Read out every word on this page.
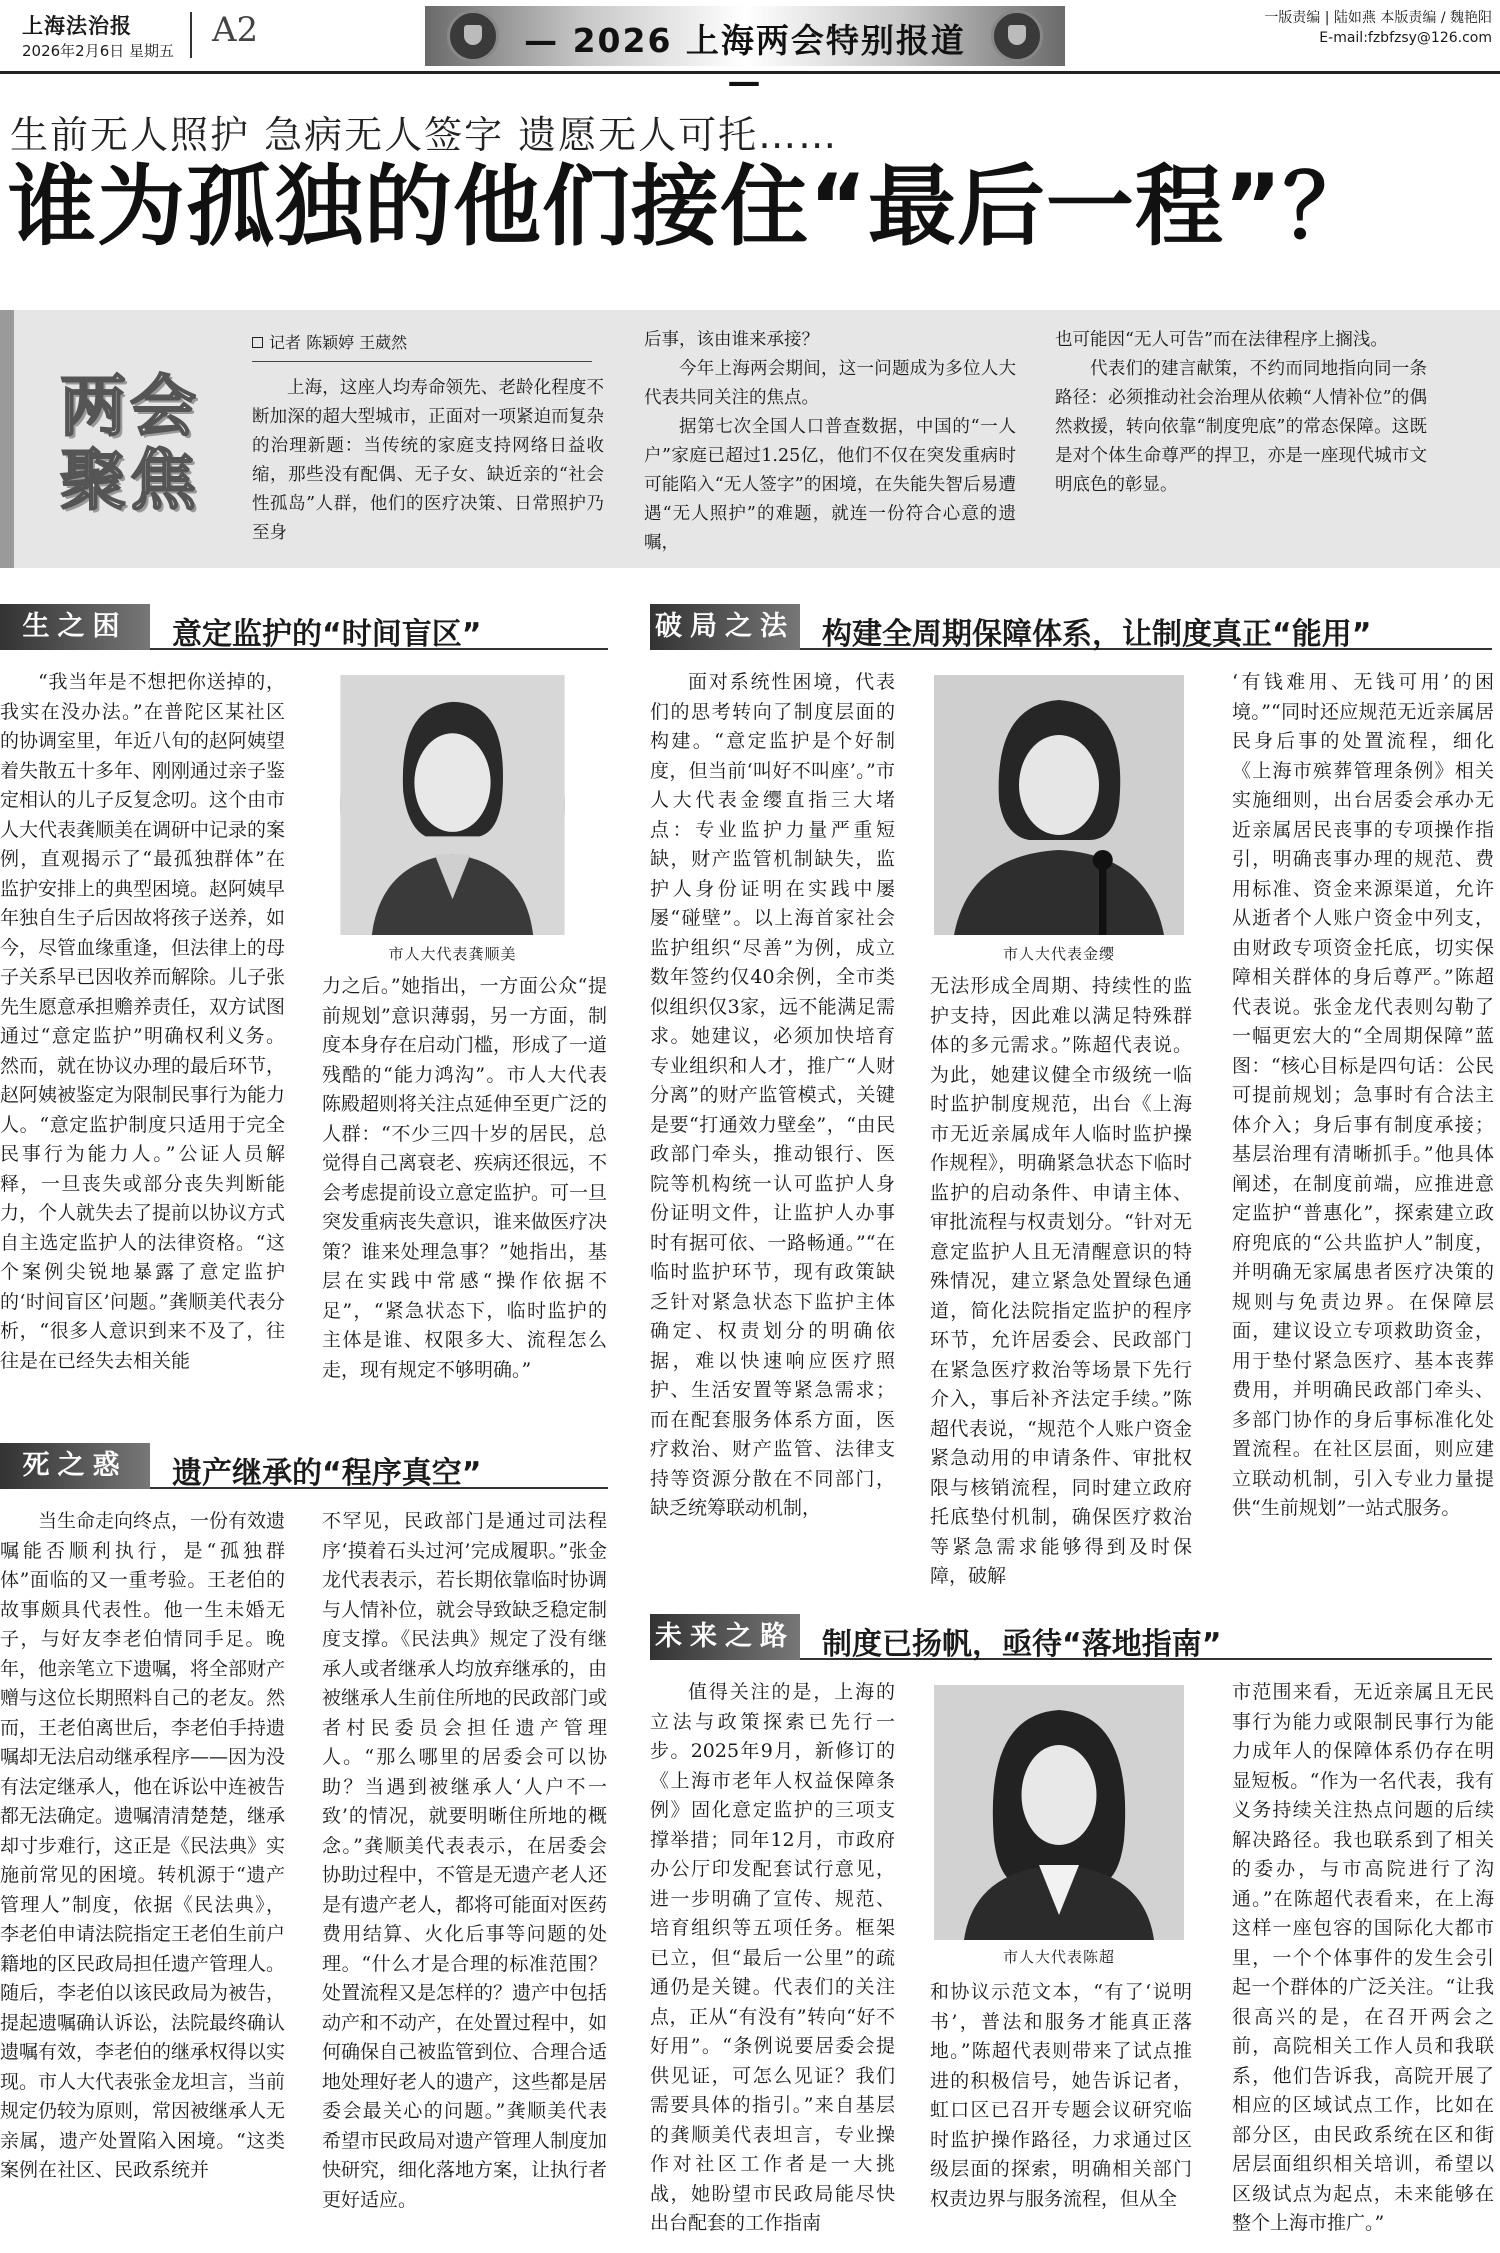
上海法治报
2026年2月6日 星期五
A2	— 2026 上海两会特别报道 —
一版责编 | 陆如燕 本版责编 / 魏艳阳
E-mail:fzbfzsy@126.com
生前无人照护 急病无人签字 遗愿无人可托……
谁为孤独的他们接住“最后一程”？
两会聚焦
记者 陈颖婷 王葳然

上海，这座人均寿命领先、老龄化程度不断加深的超大型城市，正面对一项紧迫而复杂的治理新题：当传统的家庭支持网络日益收缩，那些没有配偶、无子女、缺近亲的“社会性孤岛”人群，他们的医疗决策、日常照护乃至身

后事，该由谁来承接？

今年上海两会期间，这一问题成为多位人大代表共同关注的焦点。

据第七次全国人口普查数据，中国的“一人户”家庭已超过1.25亿，他们不仅在突发重病时可能陷入“无人签字”的困境，在失能失智后易遭遇“无人照护”的难题，就连一份符合心意的遗嘱，

也可能因“无人可告”而在法律程序上搁浅。

代表们的建言献策，不约而同地指向同一条路径：必须推动社会治理从依赖“人情补位”的偶然救援，转向依靠“制度兜底”的常态保障。这既是对个体生命尊严的捍卫，亦是一座现代城市文明底色的彰显。

生之困	意定监护的“时间盲区”

“我当年是不想把你送掉的，我实在没办法。”在普陀区某社区的协调室里，年近八旬的赵阿姨望着失散五十多年、刚刚通过亲子鉴定相认的儿子反复念叨。这个由市人大代表龚顺美在调研中记录的案例，直观揭示了“最孤独群体”在监护安排上的典型困境。赵阿姨早年独自生子后因故将孩子送养，如今，尽管血缘重逢，但法律上的母子关系早已因收养而解除。儿子张先生愿意承担赡养责任，双方试图通过“意定监护”明确权利义务。然而，就在协议办理的最后环节，赵阿姨被鉴定为限制民事行为能力人。“意定监护制度只适用于完全民事行为能力人。”公证人员解释，一旦丧失或部分丧失判断能力，个人就失去了提前以协议方式自主选定监护人的法律资格。“这个案例尖锐地暴露了意定监护的‘时间盲区’问题。”龚顺美代表分析，“很多人意识到来不及了，往往是在已经失去相关能

市人大代表龚顺美

力之后。”她指出，一方面公众“提前规划”意识薄弱，另一方面，制度本身存在启动门槛，形成了一道残酷的“能力鸿沟”。市人大代表陈殿超则将关注点延伸至更广泛的人群：“不少三四十岁的居民，总觉得自己离衰老、疾病还很远，不会考虑提前设立意定监护。可一旦突发重病丧失意识，谁来做医疗决策？谁来处理急事？”她指出，基层在实践中常感“操作依据不足”，“紧急状态下，临时监护的主体是谁、权限多大、流程怎么走，现有规定不够明确。”

死之惑	遗产继承的“程序真空”

当生命走向终点，一份有效遗嘱能否顺利执行，是“孤独群体”面临的又一重考验。王老伯的故事颇具代表性。他一生未婚无子，与好友李老伯情同手足。晚年，他亲笔立下遗嘱，将全部财产赠与这位长期照料自己的老友。然而，王老伯离世后，李老伯手持遗嘱却无法启动继承程序——因为没有法定继承人，他在诉讼中连被告都无法确定。遗嘱清清楚楚，继承却寸步难行，这正是《民法典》实施前常见的困境。转机源于“遗产管理人”制度，依据《民法典》，李老伯申请法院指定王老伯生前户籍地的区民政局担任遗产管理人。随后，李老伯以该民政局为被告，提起遗嘱确认诉讼，法院最终确认遗嘱有效，李老伯的继承权得以实现。市人大代表张金龙坦言，当前规定仍较为原则，常因被继承人无亲属，遗产处置陷入困境。“这类案例在社区、民政系统并

不罕见，民政部门是通过司法程序‘摸着石头过河’完成履职。”张金龙代表表示，若长期依靠临时协调与人情补位，就会导致缺乏稳定制度支撑。《民法典》规定了没有继承人或者继承人均放弃继承的，由被继承人生前住所地的民政部门或者村民委员会担任遗产管理人。“那么哪里的居委会可以协助？当遇到被继承人‘人户不一致’的情况，就要明晰住所地的概念。”龚顺美代表表示，在居委会协助过程中，不管是无遗产老人还是有遗产老人，都将可能面对医药费用结算、火化后事等问题的处理。“什么才是合理的标准范围？处置流程又是怎样的？遗产中包括动产和不动产，在处置过程中，如何确保自己被监管到位、合理合适地处理好老人的遗产，这些都是居委会最关心的问题。”龚顺美代表希望市民政局对遗产管理人制度加快研究，细化落地方案，让执行者更好适应。

破局之法 构建全周期保障体系，让制度真正“能用”

面对系统性困境，代表们的思考转向了制度层面的构建。“意定监护是个好制度，但当前‘叫好不叫座’。”市人大代表金缨直指三大堵点：专业监护力量严重短缺，财产监管机制缺失，监护人身份证明在实践中屡屡“碰壁”。以上海首家社会监护组织“尽善”为例，成立数年签约仅40余例，全市类似组织仅3家，远不能满足需求。她建议，必须加快培育专业组织和人才，推广“人财分离”的财产监管模式，关键是要“打通效力壁垒”，“由民政部门牵头，推动银行、医院等机构统一认可监护人身份证明文件，让监护人办事时有据可依、一路畅通。”“在临时监护环节，现有政策缺乏针对紧急状态下监护主体确定、权责划分的明确依据，难以快速响应医疗照护、生活安置等紧急需求；而在配套服务体系方面，医疗救治、财产监管、法律支持等资源分散在不同部门，缺乏统筹联动机制，

市人大代表金缨

无法形成全周期、持续性的监护支持，因此难以满足特殊群体的多元需求。”陈超代表说。为此，她建议健全市级统一临时监护制度规范，出台《上海市无近亲属成年人临时监护操作规程》，明确紧急状态下临时监护的启动条件、申请主体、审批流程与权责划分。“针对无意定监护人且无清醒意识的特殊情况，建立紧急处置绿色通道，简化法院指定监护的程序环节，允许居委会、民政部门在紧急医疗救治等场景下先行介入，事后补齐法定手续。”陈超代表说，“规范个人账户资金紧急动用的申请条件、审批权限与核销流程，同时建立政府托底垫付机制，确保医疗救治等紧急需求能够得到及时保障，破解

‘有钱难用、无钱可用’的困境。”“同时还应规范无近亲属居民身后事的处置流程，细化《上海市殡葬管理条例》相关实施细则，出台居委会承办无近亲属居民丧事的专项操作指引，明确丧事办理的规范、费用标准、资金来源渠道，允许从逝者个人账户资金中列支，由财政专项资金托底，切实保障相关群体的身后尊严。”陈超代表说。张金龙代表则勾勒了一幅更宏大的“全周期保障”蓝图：“核心目标是四句话：公民可提前规划；急事时有合法主体介入；身后事有制度承接；基层治理有清晰抓手。”他具体阐述，在制度前端，应推进意定监护“普惠化”，探索建立政府兜底的“公共监护人”制度，并明确无家属患者医疗决策的规则与免责边界。在保障层面，建议设立专项救助资金，用于垫付紧急医疗、基本丧葬费用，并明确民政部门牵头、多部门协作的身后事标准化处置流程。在社区层面，则应建立联动机制，引入专业力量提供“生前规划”一站式服务。

未来之路 制度已扬帆，亟待“落地指南”

值得关注的是，上海的立法与政策探索已先行一步。2025年9月，新修订的《上海市老年人权益保障条例》固化意定监护的三项支撑举措；同年12月，市政府办公厅印发配套试行意见，进一步明确了宣传、规范、培育组织等五项任务。框架已立，但“最后一公里”的疏通仍是关键。代表们的关注点，正从“有没有”转向“好不好用”。“条例说要居委会提供见证，可怎么见证？我们需要具体的指引。”来自基层的龚顺美代表坦言，专业操作对社区工作者是一大挑战，她盼望市民政局能尽快出台配套的工作指南

市人大代表陈超

和协议示范文本，“有了‘说明书’，普法和服务才能真正落地。”陈超代表则带来了试点推进的积极信号，她告诉记者，虹口区已召开专题会议研究临时监护操作路径，力求通过区级层面的探索，明确相关部门权责边界与服务流程，但从全

市范围来看，无近亲属且无民事行为能力或限制民事行为能力成年人的保障体系仍存在明显短板。“作为一名代表，我有义务持续关注热点问题的后续解决路径。我也联系到了相关的委办，与市高院进行了沟通。”在陈超代表看来，在上海这样一座包容的国际化大都市里，一个个体事件的发生会引起一个群体的广泛关注。“让我很高兴的是，在召开两会之前，高院相关工作人员和我联系，他们告诉我，高院开展了相应的区域试点工作，比如在部分区，由民政系统在区和街居层面组织相关培训，希望以区级试点为起点，未来能够在整个上海市推广。”
